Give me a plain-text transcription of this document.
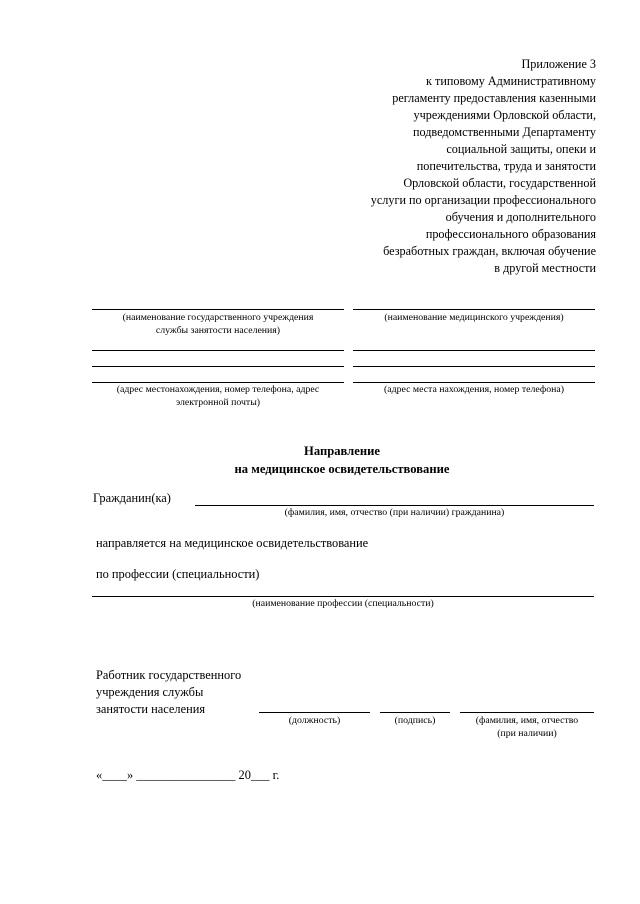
Приложение 3
к типовому Административному
регламенту предоставления казенными
учреждениями Орловской области,
подведомственными Департаменту
социальной защиты, опеки и
попечительства, труда и занятости
Орловской области, государственной
услуги по организации профессионального
обучения и дополнительного
профессионального образования
безработных граждан, включая обучение
в другой местности
(наименование государственного учреждения
службы занятости населения)
(наименование медицинского учреждения)
(адрес местонахождения, номер телефона, адрес
электронной почты)
(адрес места нахождения, номер телефона)
Направление
на медицинское освидетельствование
Гражданин(ка)
(фамилия, имя, отчество (при наличии) гражданина)
направляется на медицинское освидетельствование
по профессии (специальности)
(наименование профессии (специальности)
Работник государственного
учреждения службы
занятости населения
(должность)	(подпись)	(фамилия, имя, отчество
(при наличии)
«____» ________________ 20___ г.
